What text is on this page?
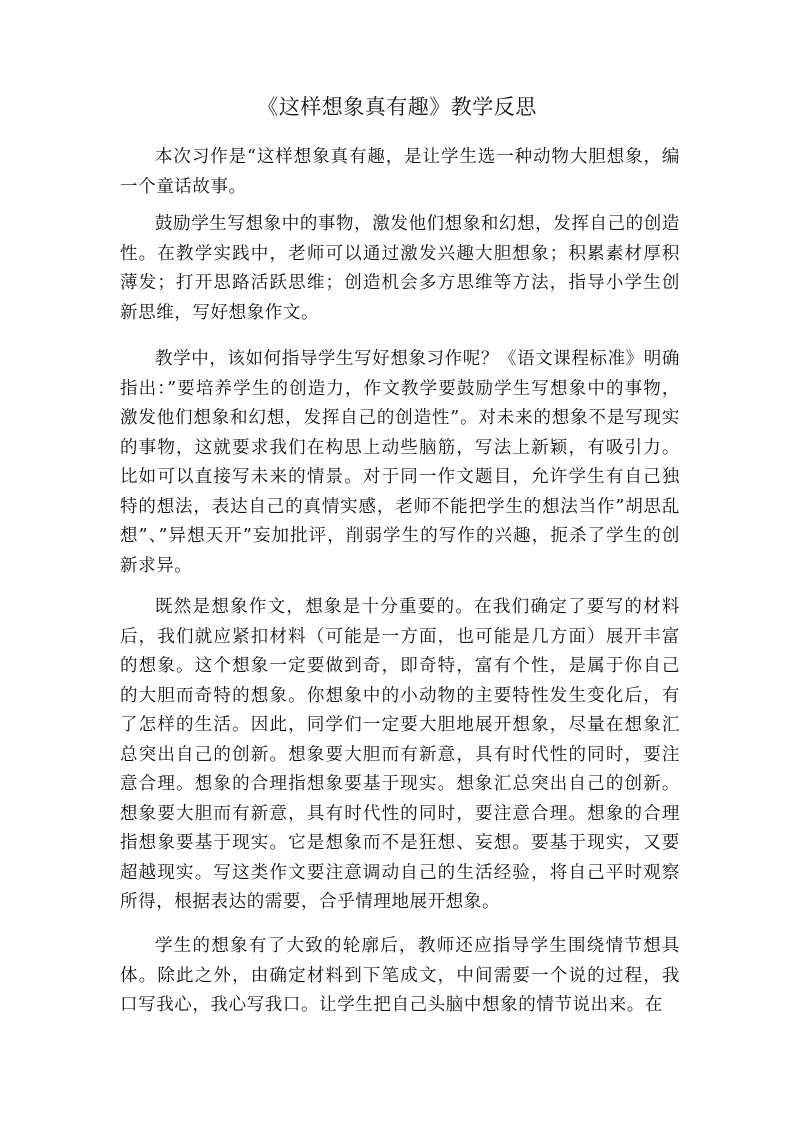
《这样想象真有趣》教学反思

本次习作是“这样想象真有趣，是让学生选一种动物大胆想象，编一个童话故事。

鼓励学生写想象中的事物，激发他们想象和幻想，发挥自己的创造性。在教学实践中，老师可以通过激发兴趣大胆想象；积累素材厚积薄发；打开思路活跃思维；创造机会多方思维等方法，指导小学生创新思维，写好想象作文。

教学中，该如何指导学生写好想象习作呢？《语文课程标准》明确指出：”要培养学生的创造力，作文教学要鼓励学生写想象中的事物，激发他们想象和幻想，发挥自己的创造性”。对未来的想象不是写现实的事物，这就要求我们在构思上动些脑筋，写法上新颖，有吸引力。比如可以直接写未来的情景。对于同一作文题目，允许学生有自己独特的想法，表达自己的真情实感，老师不能把学生的想法当作”胡思乱想”、”异想天开”妄加批评，削弱学生的写作的兴趣，扼杀了学生的创新求异。

既然是想象作文，想象是十分重要的。在我们确定了要写的材料后，我们就应紧扣材料（可能是一方面，也可能是几方面）展开丰富的想象。这个想象一定要做到奇，即奇特，富有个性，是属于你自己的大胆而奇特的想象。你想象中的小动物的主要特性发生变化后，有了怎样的生活。因此，同学们一定要大胆地展开想象，尽量在想象汇总突出自己的创新。想象要大胆而有新意，具有时代性的同时，要注意合理。想象的合理指想象要基于现实。想象汇总突出自己的创新。想象要大胆而有新意，具有时代性的同时，要注意合理。想象的合理指想象要基于现实。它是想象而不是狂想、妄想。要基于现实，又要超越现实。写这类作文要注意调动自己的生活经验，将自己平时观察所得，根据表达的需要，合乎情理地展开想象。

学生的想象有了大致的轮廓后，教师还应指导学生围绕情节想具体。除此之外，由确定材料到下笔成文，中间需要一个说的过程，我口写我心，我心写我口。让学生把自己头脑中想象的情节说出来。在
